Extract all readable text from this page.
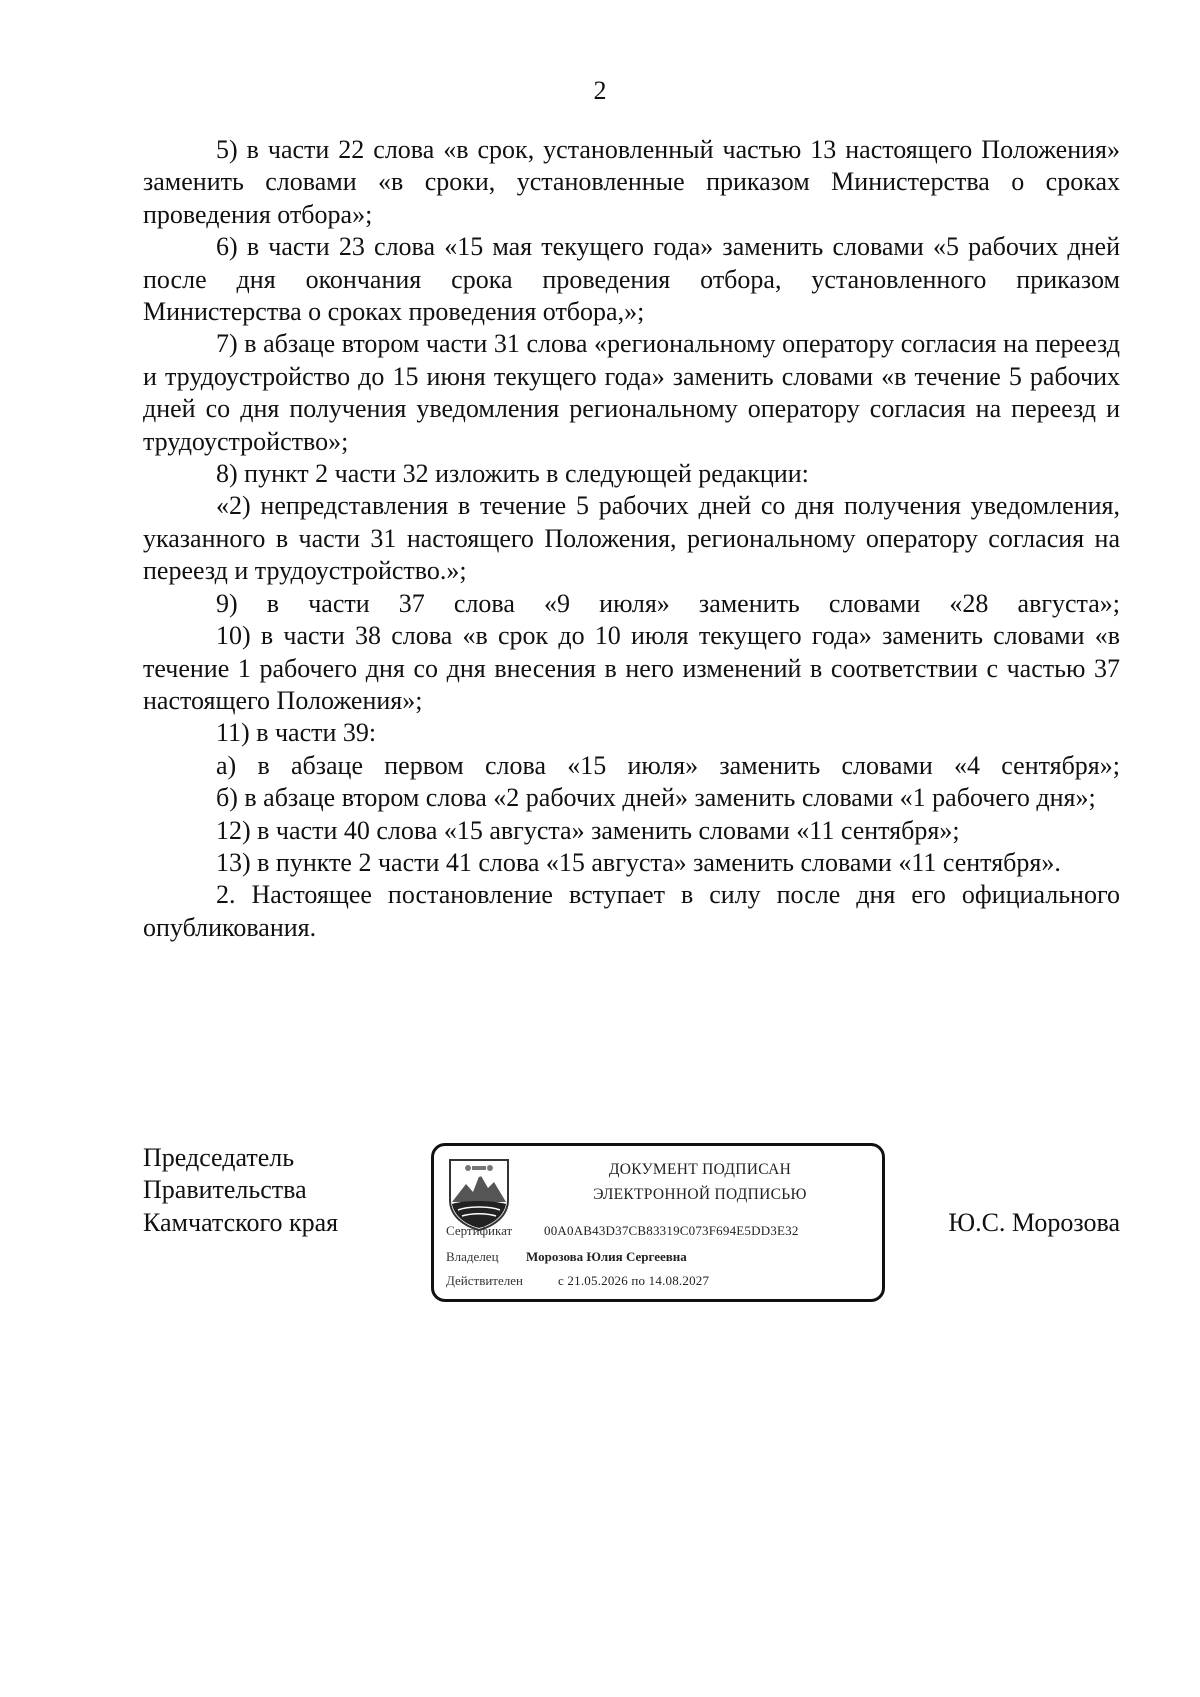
2

5) в части 22 слова «в срок, установленный частью 13 настоящего Положения» заменить словами «в сроки, установленные приказом Министерства о сроках проведения отбора»;

6) в части 23 слова «15 мая текущего года» заменить словами «5 рабочих дней после дня окончания срока проведения отбора, установленного приказом Министерства о сроках проведения отбора,»;

7) в абзаце втором части 31 слова «региональному оператору согласия на переезд и трудоустройство до 15 июня текущего года» заменить словами «в течение 5 рабочих дней со дня получения уведомления региональному оператору согласия на переезд и трудоустройство»;

8) пункт 2 части 32 изложить в следующей редакции:

«2) непредставления в течение 5 рабочих дней со дня получения уведомления, указанного в части 31 настоящего Положения, региональному оператору согласия на переезд и трудоустройство.»;

9) в части 37 слова «9 июля» заменить словами «28 августа»;

10) в части 38 слова «в срок до 10 июля текущего года» заменить словами «в течение 1 рабочего дня со дня внесения в него изменений в соответствии с частью 37 настоящего Положения»;

11) в части 39:

а) в абзаце первом слова «15 июля» заменить словами «4 сентября»;

б) в абзаце втором слова «2 рабочих дней» заменить словами «1 рабочего дня»;

12) в части 40 слова «15 августа» заменить словами «11 сентября»;

13) в пункте 2 части 41 слова «15 августа» заменить словами «11 сентября».

2. Настоящее постановление вступает в силу после дня его официального опубликования.

Председатель
Правительства
Камчатского края
ДОКУМЕНТ ПОДПИСАН
ЭЛЕКТРОННОЙ ПОДПИСЬЮ
Сертификат 00A0AB43D37CB83319C073F694E5DD3E32
Владелец Морозова Юлия Сергеевна
Действителен	с 21.05.2026 по 14.08.2027
Ю.С. Морозова
